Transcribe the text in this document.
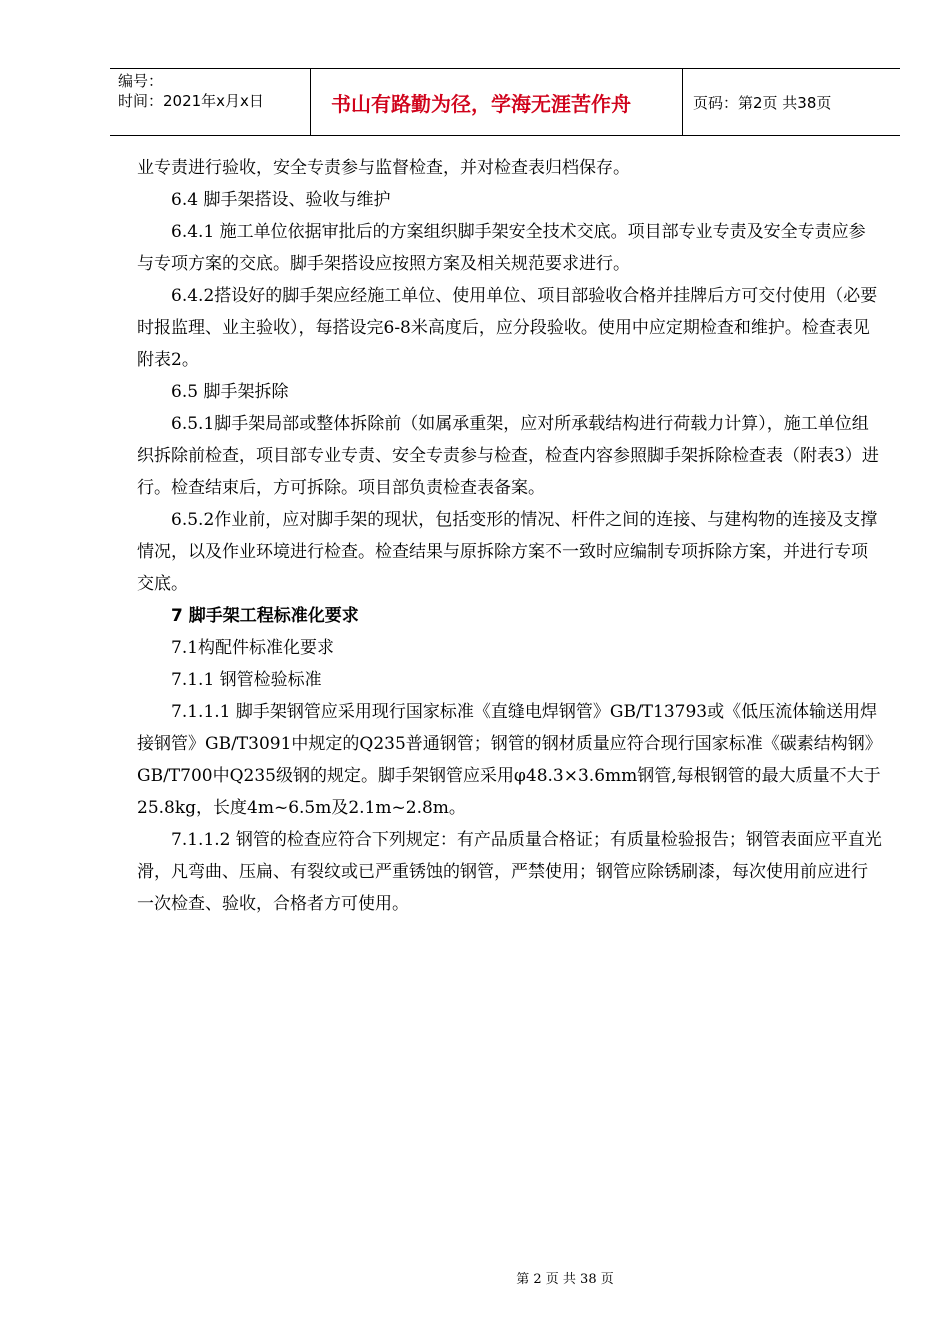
编号：
时间：2021年x月x日	书山有路勤为径，学海无涯苦作舟	页码：第2页 共38页

业专责进行验收，安全专责参与监督检查，并对检查表归档保存。

6.4 脚手架搭设、验收与维护

6.4.1 施工单位依据审批后的方案组织脚手架安全技术交底。项目部专业专责及安全专责应参与专项方案的交底。脚手架搭设应按照方案及相关规范要求进行。

6.4.2搭设好的脚手架应经施工单位、使用单位、项目部验收合格并挂牌后方可交付使用（必要时报监理、业主验收），每搭设完6-8米高度后，应分段验收。使用中应定期检查和维护。检查表见附表2。

6.5 脚手架拆除

6.5.1脚手架局部或整体拆除前（如属承重架，应对所承载结构进行荷载力计算），施工单位组织拆除前检查，项目部专业专责、安全专责参与检查，检查内容参照脚手架拆除检查表（附表3）进行。检查结束后，方可拆除。项目部负责检查表备案。

6.5.2作业前，应对脚手架的现状，包括变形的情况、杆件之间的连接、与建构物的连接及支撑情况，以及作业环境进行检查。检查结果与原拆除方案不一致时应编制专项拆除方案，并进行专项交底。

7 脚手架工程标准化要求

7.1构配件标准化要求

7.1.1 钢管检验标准

7.1.1.1 脚手架钢管应采用现行国家标准《直缝电焊钢管》GB/T13793或《低压流体输送用焊接钢管》GB/T3091中规定的Q235普通钢管；钢管的钢材质量应符合现行国家标准《碳素结构钢》GB/T700中Q235级钢的规定。脚手架钢管应采用φ48.3×3.6mm钢管,每根钢管的最大质量不大于25.8kg，长度4m~6.5m及2.1m~2.8m。

7.1.1.2 钢管的检查应符合下列规定：有产品质量合格证；有质量检验报告；钢管表面应平直光滑，凡弯曲、压扁、有裂纹或已严重锈蚀的钢管，严禁使用；钢管应除锈刷漆，每次使用前应进行一次检查、验收，合格者方可使用。

第 2 页 共 38 页
